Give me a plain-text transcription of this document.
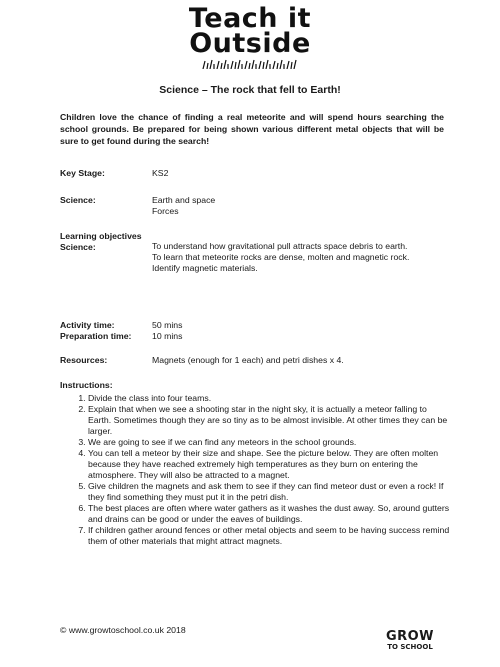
Teach it
Outside
Science – The rock that fell to Earth!
Children love the chance of finding a real meteorite and will spend hours searching the school grounds. Be prepared for being shown various different metal objects that will be sure to get found during the search!
Key Stage:	KS2
Science:	Earth and space
Forces
Learning objectives
Science:	To understand how gravitational pull attracts space debris to earth.
To learn that meteorite rocks are dense, molten and magnetic rock.
Identify magnetic materials.
Activity time:	50 mins
Preparation time: 10 mins
Resources:	Magnets (enough for 1 each) and petri dishes x 4.
Instructions:
1. Divide the class into four teams.
2. Explain that when we see a shooting star in the night sky, it is actually a meteor falling to Earth. Sometimes though they are so tiny as to be almost invisible. At other times they can be larger.
3. We are going to see if we can find any meteors in the school grounds.
4. You can tell a meteor by their size and shape. See the picture below. They are often molten because they have reached extremely high temperatures as they burn on entering the atmosphere. They will also be attracted to a magnet.
5. Give children the magnets and ask them to see if they can find meteor dust or even a rock! If they find something they must put it in the petri dish.
6. The best places are often where water gathers as it washes the dust away. So, around gutters and drains can be good or under the eaves of buildings.
7. If children gather around fences or other metal objects and seem to be having success remind them of other materials that might attract magnets.
© www.growtoschool.co.uk 2018	GROW
TO SCHOOL
